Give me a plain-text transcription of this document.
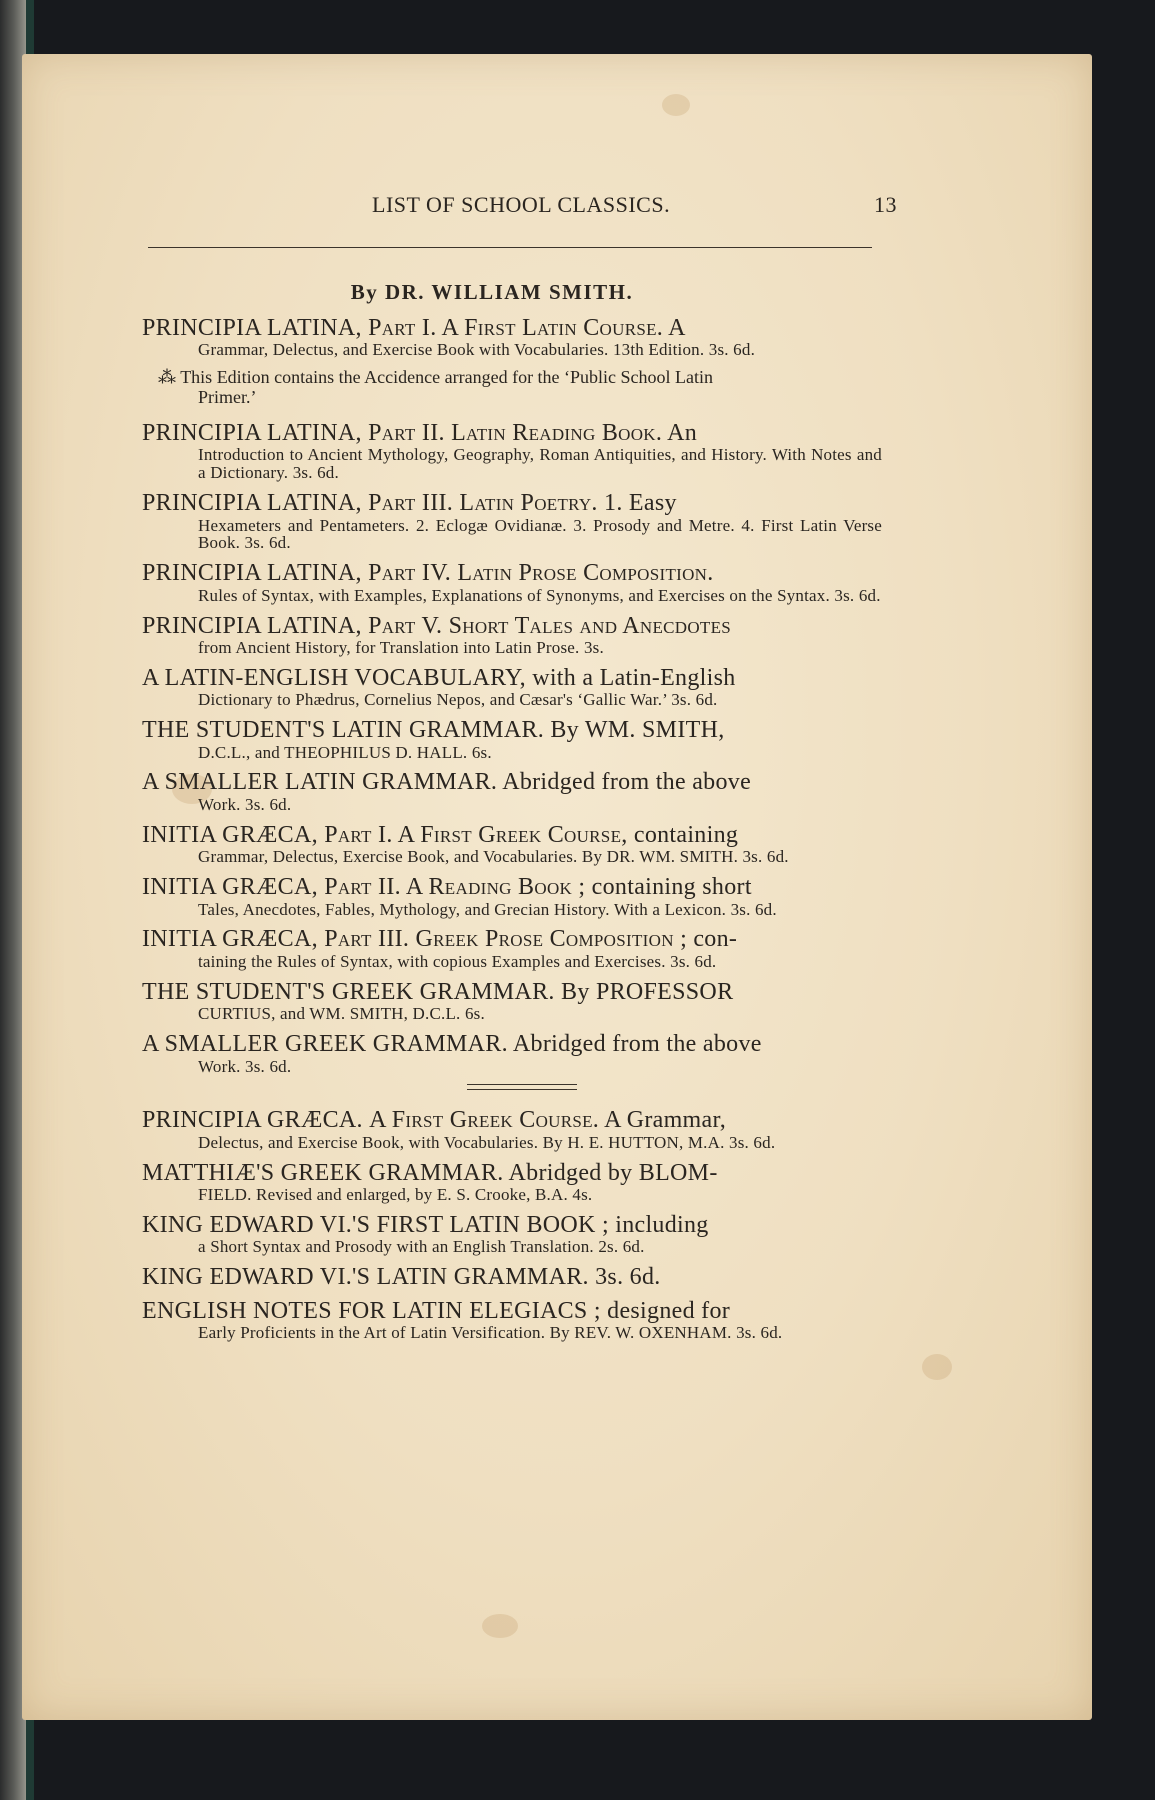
LIST OF SCHOOL CLASSICS.	13
By DR. WILLIAM SMITH.
PRINCIPIA LATINA, Part I. A First Latin Course. A
Grammar, Delectus, and Exercise Book with Vocabularies. 13th Edition. 3s. 6d.
⁂ This Edition contains the Accidence arranged for the ‘Public School Latin
Primer.’
PRINCIPIA LATINA, Part II. Latin Reading Book. An
Introduction to Ancient Mythology, Geography, Roman Antiquities, and History. With Notes and a Dictionary. 3s. 6d.
PRINCIPIA LATINA, Part III. Latin Poetry. 1. Easy
Hexameters and Pentameters. 2. Eclogæ Ovidianæ. 3. Prosody and Metre. 4. First Latin Verse Book. 3s. 6d.
PRINCIPIA LATINA, Part IV. Latin Prose Composition.
Rules of Syntax, with Examples, Explanations of Synonyms, and Exercises on the Syntax. 3s. 6d.
PRINCIPIA LATINA, Part V. Short Tales and Anecdotes
from Ancient History, for Translation into Latin Prose. 3s.
A LATIN-ENGLISH VOCABULARY, with a Latin-English
Dictionary to Phædrus, Cornelius Nepos, and Cæsar's ‘Gallic War.’ 3s. 6d.
THE STUDENT'S LATIN GRAMMAR. By WM. SMITH,
D.C.L., and THEOPHILUS D. HALL. 6s.
A SMALLER LATIN GRAMMAR. Abridged from the above
Work. 3s. 6d.
INITIA GRÆCA, Part I. A First Greek Course, containing
Grammar, Delectus, Exercise Book, and Vocabularies. By DR. WM. SMITH. 3s. 6d.
INITIA GRÆCA, Part II. A Reading Book ; containing short
Tales, Anecdotes, Fables, Mythology, and Grecian History. With a Lexicon. 3s. 6d.
INITIA GRÆCA, Part III. Greek Prose Composition ; con-
taining the Rules of Syntax, with copious Examples and Exercises. 3s. 6d.
THE STUDENT'S GREEK GRAMMAR. By PROFESSOR
CURTIUS, and WM. SMITH, D.C.L. 6s.
A SMALLER GREEK GRAMMAR. Abridged from the above
Work. 3s. 6d.
PRINCIPIA GRÆCA. A First Greek Course. A Grammar,
Delectus, and Exercise Book, with Vocabularies. By H. E. HUTTON, M.A. 3s. 6d.
MATTHIÆ'S GREEK GRAMMAR. Abridged by BLOM-
FIELD. Revised and enlarged, by E. S. Crooke, B.A. 4s.
KING EDWARD VI.'S FIRST LATIN BOOK ; including
a Short Syntax and Prosody with an English Translation. 2s. 6d.
KING EDWARD VI.'S LATIN GRAMMAR. 3s. 6d.
ENGLISH NOTES FOR LATIN ELEGIACS ; designed for
Early Proficients in the Art of Latin Versification. By REV. W. OXENHAM. 3s. 6d.
